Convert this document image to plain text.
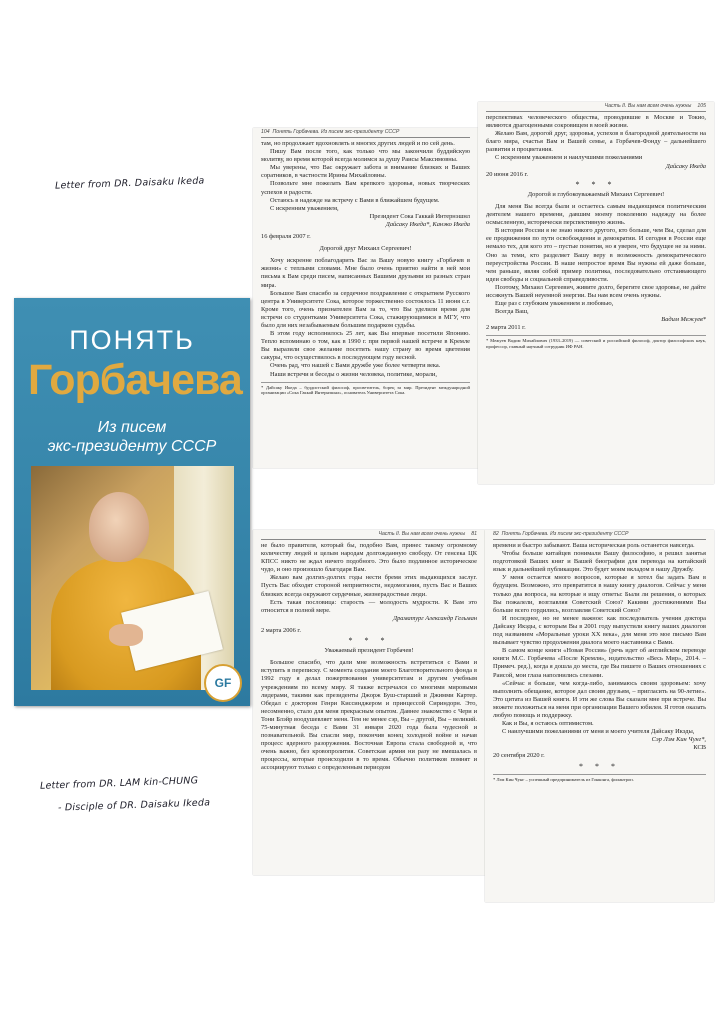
Letter from DR. Daisaku Ikeda
Letter from DR. LAM kin-CHUNG
- Disciple of DR. Daisaku Ikeda
104 Понять Горбачева. Из писем экс-президенту СССР

там, но продолжает вдохновлять и многих других людей и по сей день.

Пишу Вам после того, как только что мы закончили буддийскую молитву, во время которой всегда молимся за душу Раисы Максимовны.

Мы уверены, что Вас окружает забота и внимание близких и Ваших соратников, в частности Ирины Михайловны.

Позвольте мне пожелать Вам крепкого здоровья, новых творческих успехов и радости.

Остаюсь в надежде на встречу с Вами в ближайшем будущем.

С искренним уважением,

Президент Сока Гаккай Интернэшнл

Дайсаку Икеда*, Канэко Икеда

16 февраля 2007 г.

Дорогой друг Михаил Сергеевич!

Хочу искренне поблагодарить Вас за Вашу новую книгу «Горбачев в жизни» с теплыми словами. Мне было очень приятно найти в ней мои письма к Вам среди писем, написанных Вашими друзьями из разных стран мира.

Большое Вам спасибо за сердечное поздравление с открытием Русского центра в Университете Сока, которое торжественно состоялось 11 июня с.г. Кроме того, очень признателен Вам за то, что Вы уделили время для встречи со студентками Университета Сока, стажирующимися в МГУ, что было для них незабываемым большим подарком судьбы.

В этом году исполнилось 25 лет, как Вы впервые посетили Японию. Тепло вспоминаю о том, как в 1990 г. при первой нашей встрече в Кремле Вы выразили свое желание посетить нашу страну во время цветения сакуры, что осуществилось в последующем году весной.

Очень рад, что нашей с Вами дружбе уже более четверти века.

Наши встречи и беседы о жизни человека, политике, морали,

* Дайсаку Икеда – буддистский философ, просветитель, борец за мир. Президент международной организации «Сока Гаккай Интернэшнл», основатель Университета Сока.
Часть II. Вы нам всем очень нужны 105

перспективах человеческого общества, проводившие в Москве и Токио, являются драгоценными сокровищем в моей жизни.

Желаю Вам, дорогой друг, здоровья, успехов в благородной деятельности на благо мира, счастья Вам и Вашей семье, а Горбачев-Фонду – дальнейшего развития и процветания.

С искренним уважением и наилучшими пожеланиями

Дайсаку Икеда

20 июня 2016 г.

* * *

Дорогой и глубокоуважаемый Михаил Сергеевич!

Для меня Вы всегда были и остаетесь самым выдающимся политическим деятелем нашего времени, давшим моему поколению надежду на более осмысленную, исторически перспективную жизнь.

В истории России я не знаю никого другого, кто больше, чем Вы, сделал для ее продвижения по пути освобождения и демократии. И сегодня в России еще немало тех, для кого это – пустые понятия, но я уверен, что будущее не за ними. Оно за теми, кто разделяет Вашу веру в возможность демократического переустройства России. В наше непростое время Вы нужны ей даже больше, чем раньше, являя собой пример политика, последовательно отстаивающего идеи свободы и социальной справедливости.

Поэтому, Михаил Сергеевич, живите долго, берегите свое здоровье, не дайте иссякнуть Вашей неуемной энергии. Вы нам всем очень нужны.

Еще раз с глубоким уважением и любовью,

Всегда Ваш,

Вадим Межуев*

2 марта 2011 г.

* Межуев Вадим Михайлович (1933–2019) — советский и российский философ, доктор философских наук, профессор, главный научный сотрудник ИФ РАН.
Часть II. Вы нам всем очень нужны 81

не было правителя, который бы, подобно Вам, принес такому огромному количеству людей и целым народам долгожданную свободу. От генсека ЦК КПСС никто не ждал ничего подобного. Это было подлинное историческое чудо, и оно произошло благодаря Вам.

Желаю вам долгих-долгих годы нести бремя этих выдающихся заслуг. Пусть Вас обходят стороной неприятности, недомогания, пусть Вас и Ваших близких всегда окружают сердечные, жизнерадостные люди.

Есть такая пословица: старость — молодость мудрости. К Вам это относится в полной мере.

Драматург Александр Гельман

2 марта 2006 г.

* * *

Уважаемый президент Горбачев!

Большое спасибо, что дали мне возможность встретиться с Вами и вступить в переписку. С момента создания моего Благотворительного фонда в 1992 году я делал пожертвования университетам и другим учебным учреждениям по всему миру. Я также встречался со многими мировыми лидерами, такими как президенты Джорж Буш-старший и Джимми Картер. Обедал с доктором Генри Киссинджером и принцессой Сириндорн. Это, несомненно, стало для меня прекрасным опытом. Давнее знакомство с Чери и Тони Блэйр воодушевляет меня. Тем не менее сэр, Вы – другой, Вы – великий. 75-минутная беседа с Вами 31 января 2020 года была чудесной и познавательной. Вы спасли мир, покончив конец холодной войне и начав процесс ядерного разоружения. Восточная Европа стала свободной и, что очень важно, без кровопролития. Советская армия ни разу не вмешалась в процессы, которые происходили в то время. Обычно политиков помнят и ассоциируют только с определенным периодом

82 Понять Горбачева. Из писем экс-президенту СССР

времени и быстро забывают. Ваша историческая роль останется навсегда.

Чтобы больше китайцев понимали Вашу философию, я решил занятья подготовкой Ваших книг и Вашей биографии для перевода на китайский язык и дальнейшей публикации. Это будет моим вкладом в нашу Дружбу.

У меня остается много вопросов, которые я хотел бы задать Вам в будущем. Возможно, это превратится в нашу книгу диалогов. Сейчас у меня только два вопроса, на которые я ищу ответы: Были ли решения, о которых Вы пожалели, возглавляя Советский Союз? Какими достижениями Вы больше всего гордились, возглавляя Советский Союз?

И последнее, но не менее важное: как последователь учения доктора Дайсаку Икэды, с которым Вы в 2001 году выпустили книгу ваших диалогов под названием «Моральные уроки XX века», для меня это мое письмо Вам вызывает чувство продолжения диалога моего наставника с Вами.

В самом конце книги «Новая Россия» (речь идет об английском переводе книги М.С. Горбачева «После Кремля», издательство «Весь Мир», 2014. – Примеч. ред.), когда я дошла до места, где Вы пишете о Ваших отношениях с Раисой, мои глаза наполнились слезами.

«Сейчас я больше, чем когда-либо, занимаюсь своим здоровьем: хочу выполнить обещание, которое дал своим друзьям, – пригласить на 90-летие». Это цитата из Вашей книги. И эти же слова Вы сказали мне при встрече. Вы можете положиться на меня при организации Вашего юбилея. Я готов оказать любую помощь и поддержку.

Как и Вы, я остаюсь оптимистом.

С наилучшими пожеланиями от меня и моего учителя Дайсаку Икэды,

Сэр Лэм Кин Чунг*,

КСВ

20 сентября 2020 г.

* * *
* Лэм Кин Чунг – успешный предприниматель из Гонконга, филантроп.
ПОНЯТЬ
Горбачева
Из писем
экс-президенту СССР
GF
